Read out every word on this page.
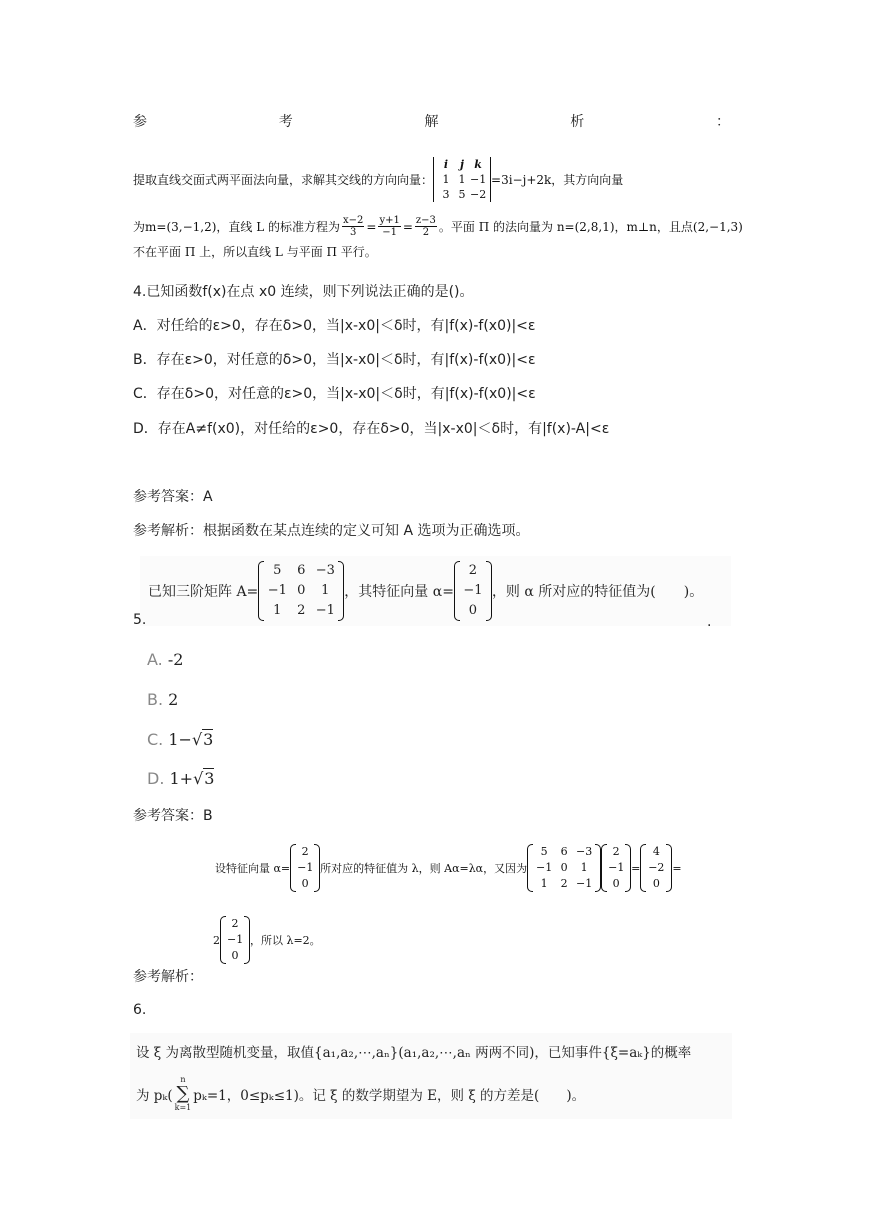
参	考	解	析	：
提取直线交面式两平面法向量，求解其交线的方向向量：
i	j k
1 1 −1
3 5 −2
=3i−j+2k，其方向向量
为 m=(3,−1,2)，直线 L 的标准方程为 $\frac{x-2}{3} = \frac{y+1}{-1} = \frac{z-3}{2}$ 。平面 Π 的法向量为 n=(2,8,1)，m⊥n，且点(2,−1,3)
不在平面 Π 上，所以直线 L 与平面 Π 平行。
4.已知函数f(x)在点 x0 连续，则下列说法正确的是()。
A．对任给的ε>0，存在δ>0，当|x-x0|＜δ时，有|f(x)-f(x0)|<ε
B．存在ε>0，对任意的δ>0，当|x-x0|＜δ时，有|f(x)-f(x0)|<ε
C．存在δ>0，对任意的ε>0，当|x-x0|＜δ时，有|f(x)-f(x0)|<ε
D．存在A≠f(x0)，对任给的ε>0，存在δ>0，当|x-x0|＜δ时，有|f(x)-A|<ε
参考答案：A
参考解析：根据函数在某点连续的定义可知 A 选项为正确选项。
已知三阶矩阵 A=
5	6 −3
−1 0	1
1	2 −1
，其特征向量 α=
2
−1
0
，则 α 所对应的特征值为(　　)。
5.	.
A. -2
B. 2
C. 1−√3
D. 1+√3
参考答案：B
设特征向量 α=
2
−1
0
所对应的特征值为 λ，则 Aα=λα，又因为
5	6 −3
−1 0	1
1	2 −1
2
−1
0
=
4
−2
0
=
2
2
−1
0
，所以 λ=2。
参考解析：
6.
设 ξ 为离散型随机变量，取值{a₁,a₂,⋯,aₙ}(a₁,a₂,⋯,aₙ 两两不同)，已知事件{ξ=aₖ}的概率
为 pₖ(
n
∑
k=1
pₖ=1，0≤pₖ≤1)。记 ξ 的数学期望为 E，则 ξ 的方差是(　　)。
